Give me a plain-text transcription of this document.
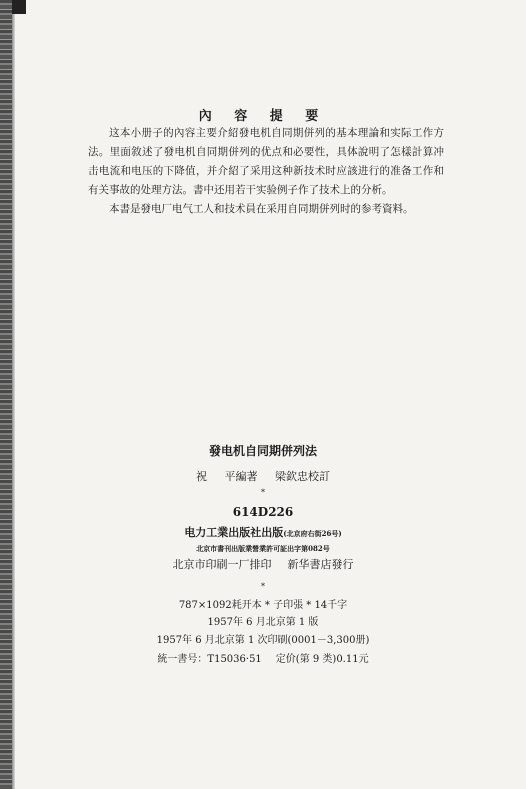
內 容 提 要

这本小册子的內容主要介紹發电机自同期併列的基本理論和实际工作方法。里面敘述了發电机自同期併列的优点和必要性，具体說明了怎樣計算冲击电流和电压的下降值，并介紹了采用这种新技术时应該进行的准备工作和有关事故的处理方法。書中还用若干实验例子作了技术上的分析。

本書是發电厂电气工人和技术員在采用自同期併列时的参考資料。

發电机自同期併列法
祝 平編著 梁欽忠校訂
*
614D226
电力工業出版社出版(北京府右街26号)
北京市書刊出版業營業許可証出字第082号
北京市印刷一厂排印 新华書店發行
*
787×1092耗开本 * 子印張 * 14千字
1957年 6 月北京第 1 版
1957年 6 月北京第 1 次印刷(0001－3,300册)
統一書号：T15036·51 定价(第 9 类)0.11元
